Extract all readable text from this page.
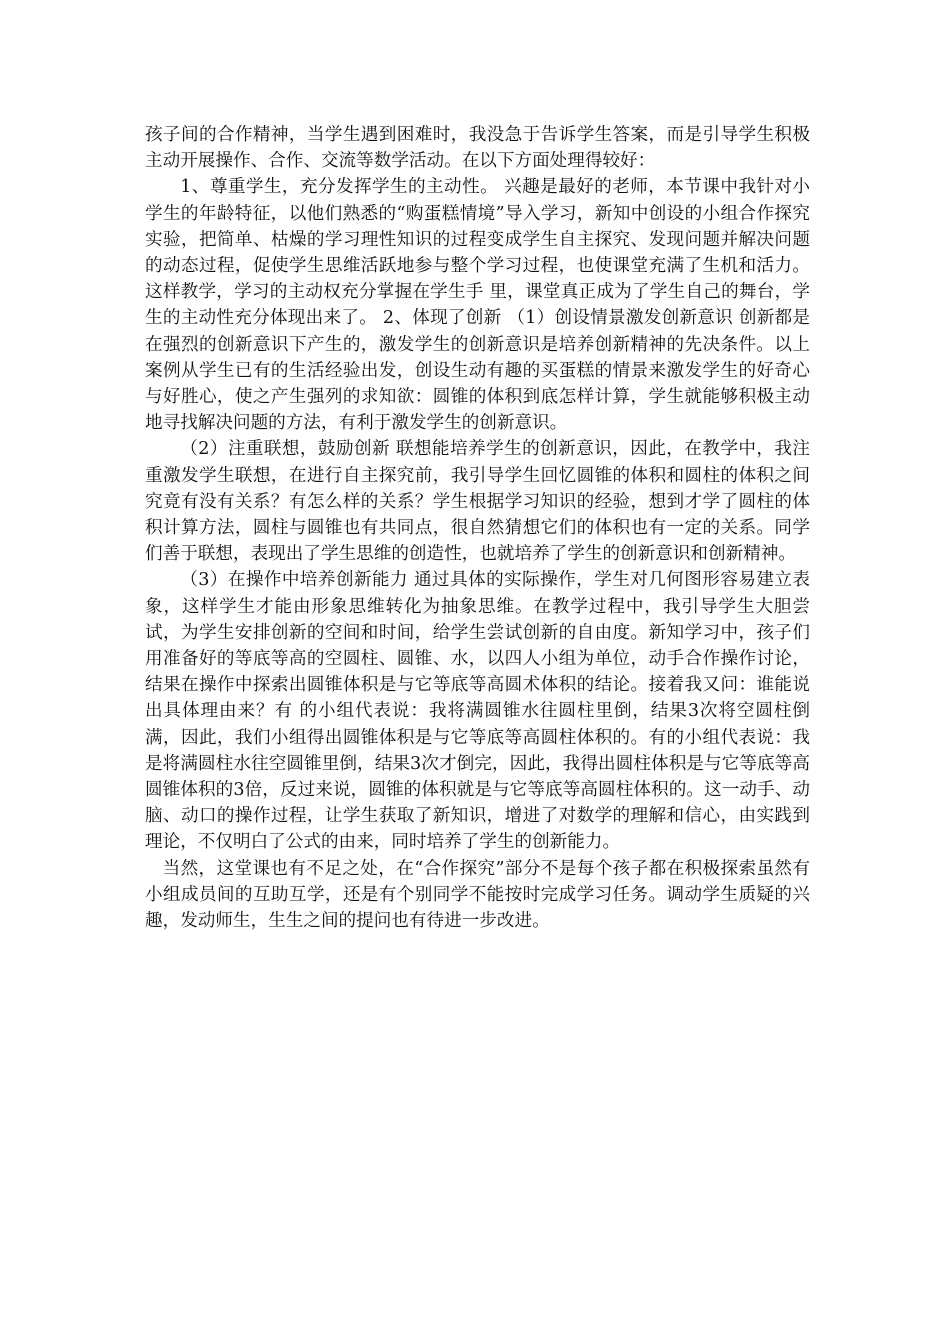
孩子间的合作精神，当学生遇到困难时，我没急于告诉学生答案，而是引导学生积极主动开展操作、合作、交流等数学活动。在以下方面处理得较好：

1、尊重学生，充分发挥学生的主动性。 兴趣是最好的老师，本节课中我针对小学生的年龄特征，以他们熟悉的“购蛋糕情境”导入学习，新知中创设的小组合作探究实验，把简单、枯燥的学习理性知识的过程变成学生自主探究、发现问题并解决问题的动态过程，促使学生思维活跃地参与整个学习过程，也使课堂充满了生机和活力。这样教学，学习的主动权充分掌握在学生手 里，课堂真正成为了学生自己的舞台，学生的主动性充分体现出来了。 2、体现了创新 （1）创设情景激发创新意识 创新都是在强烈的创新意识下产生的，激发学生的创新意识是培养创新精神的先决条件。以上案例从学生已有的生活经验出发，创设生动有趣的买蛋糕的情景来激发学生的好奇心与好胜心，使之产生强列的求知欲：圆锥的体积到底怎样计算，学生就能够积极主动地寻找解决问题的方法，有利于激发学生的创新意识。

（2）注重联想，鼓励创新 联想能培养学生的创新意识，因此，在教学中，我注重激发学生联想，在进行自主探究前，我引导学生回忆圆锥的体积和圆柱的体积之间究竟有没有关系？有怎么样的关系？学生根据学习知识的经验，想到才学了圆柱的体积计算方法，圆柱与圆锥也有共同点，很自然猜想它们的体积也有一定的关系。同学们善于联想，表现出了学生思维的创造性，也就培养了学生的创新意识和创新精神。

（3）在操作中培养创新能力 通过具体的实际操作，学生对几何图形容易建立表象，这样学生才能由形象思维转化为抽象思维。在教学过程中，我引导学生大胆尝试，为学生安排创新的空间和时间，给学生尝试创新的自由度。新知学习中，孩子们用准备好的等底等高的空圆柱、圆锥、水，以四人小组为单位，动手合作操作讨论，结果在操作中探索出圆锥体积是与它等底等高圆术体积的结论。接着我又问：谁能说出具体理由来？有 的小组代表说：我将满圆锥水往圆柱里倒，结果3次将空圆柱倒满，因此，我们小组得出圆锥体积是与它等底等高圆柱体积的。有的小组代表说：我是将满圆柱水往空圆锥里倒，结果3次才倒完，因此，我得出圆柱体积是与它等底等高圆锥体积的3倍，反过来说，圆锥的体积就是与它等底等高圆柱体积的。这一动手、动脑、动口的操作过程，让学生获取了新知识，增进了对数学的理解和信心，由实践到理论，不仅明白了公式的由来，同时培养了学生的创新能力。

当然，这堂课也有不足之处，在“合作探究”部分不是每个孩子都在积极探索虽然有小组成员间的互助互学，还是有个别同学不能按时完成学习任务。调动学生质疑的兴趣，发动师生，生生之间的提问也有待进一步改进。
